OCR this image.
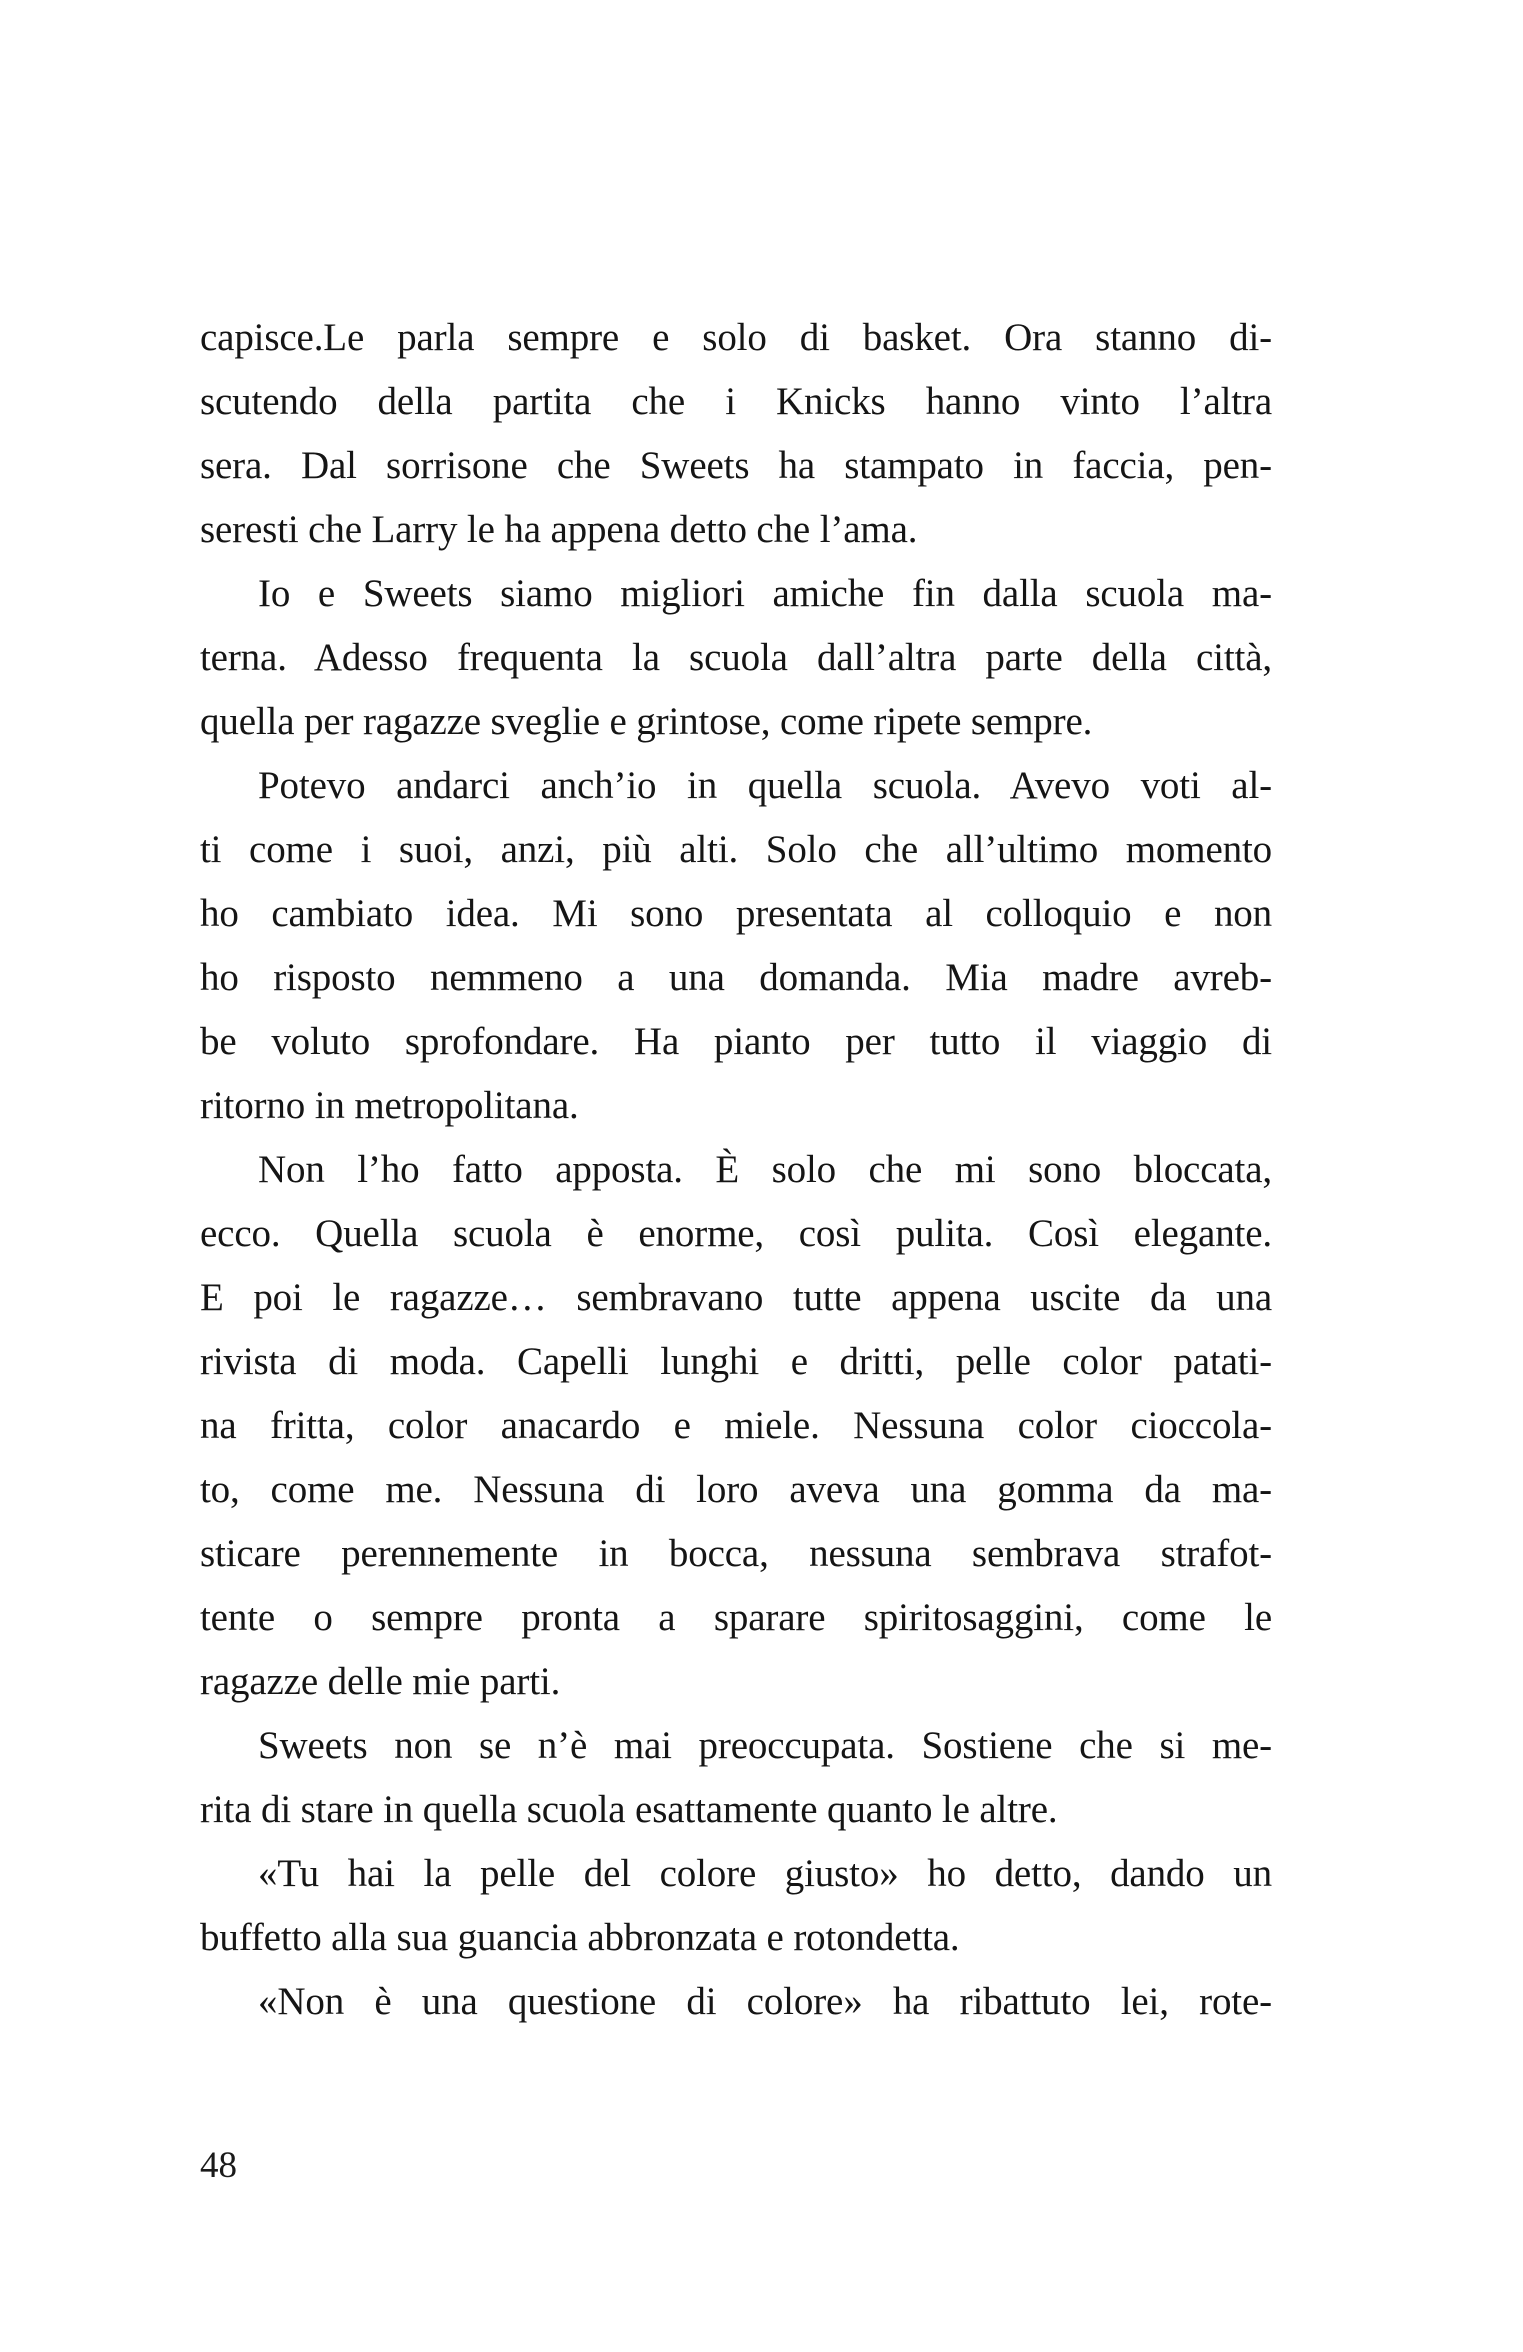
capisce.Le parla sempre e solo di basket. Ora stanno di-
scutendo della partita che i Knicks hanno vinto l’altra
sera. Dal sorrisone che Sweets ha stampato in faccia, pen-
seresti che Larry le ha appena detto che l’ama.

Io e Sweets siamo migliori amiche fin dalla scuola ma-
terna. Adesso frequenta la scuola dall’altra parte della città,
quella per ragazze sveglie e grintose, come ripete sempre.

Potevo andarci anch’io in quella scuola. Avevo voti al-
ti come i suoi, anzi, più alti. Solo che all’ultimo momento
ho cambiato idea. Mi sono presentata al colloquio e non
ho risposto nemmeno a una domanda. Mia madre avreb-
be voluto sprofondare. Ha pianto per tutto il viaggio di
ritorno in metropolitana.

Non l’ho fatto apposta. È solo che mi sono bloccata,
ecco. Quella scuola è enorme, così pulita. Così elegante.
E poi le ragazze… sembravano tutte appena uscite da una
rivista di moda. Capelli lunghi e dritti, pelle color patati-
na fritta, color anacardo e miele. Nessuna color cioccola-
to, come me. Nessuna di loro aveva una gomma da ma-
sticare perennemente in bocca, nessuna sembrava strafot-
tente o sempre pronta a sparare spiritosaggini, come le
ragazze delle mie parti.

Sweets non se n’è mai preoccupata. Sostiene che si me-
rita di stare in quella scuola esattamente quanto le altre.

«Tu hai la pelle del colore giusto» ho detto, dando un
buffetto alla sua guancia abbronzata e rotondetta.

«Non è una questione di colore» ha ribattuto lei, rote-

48
